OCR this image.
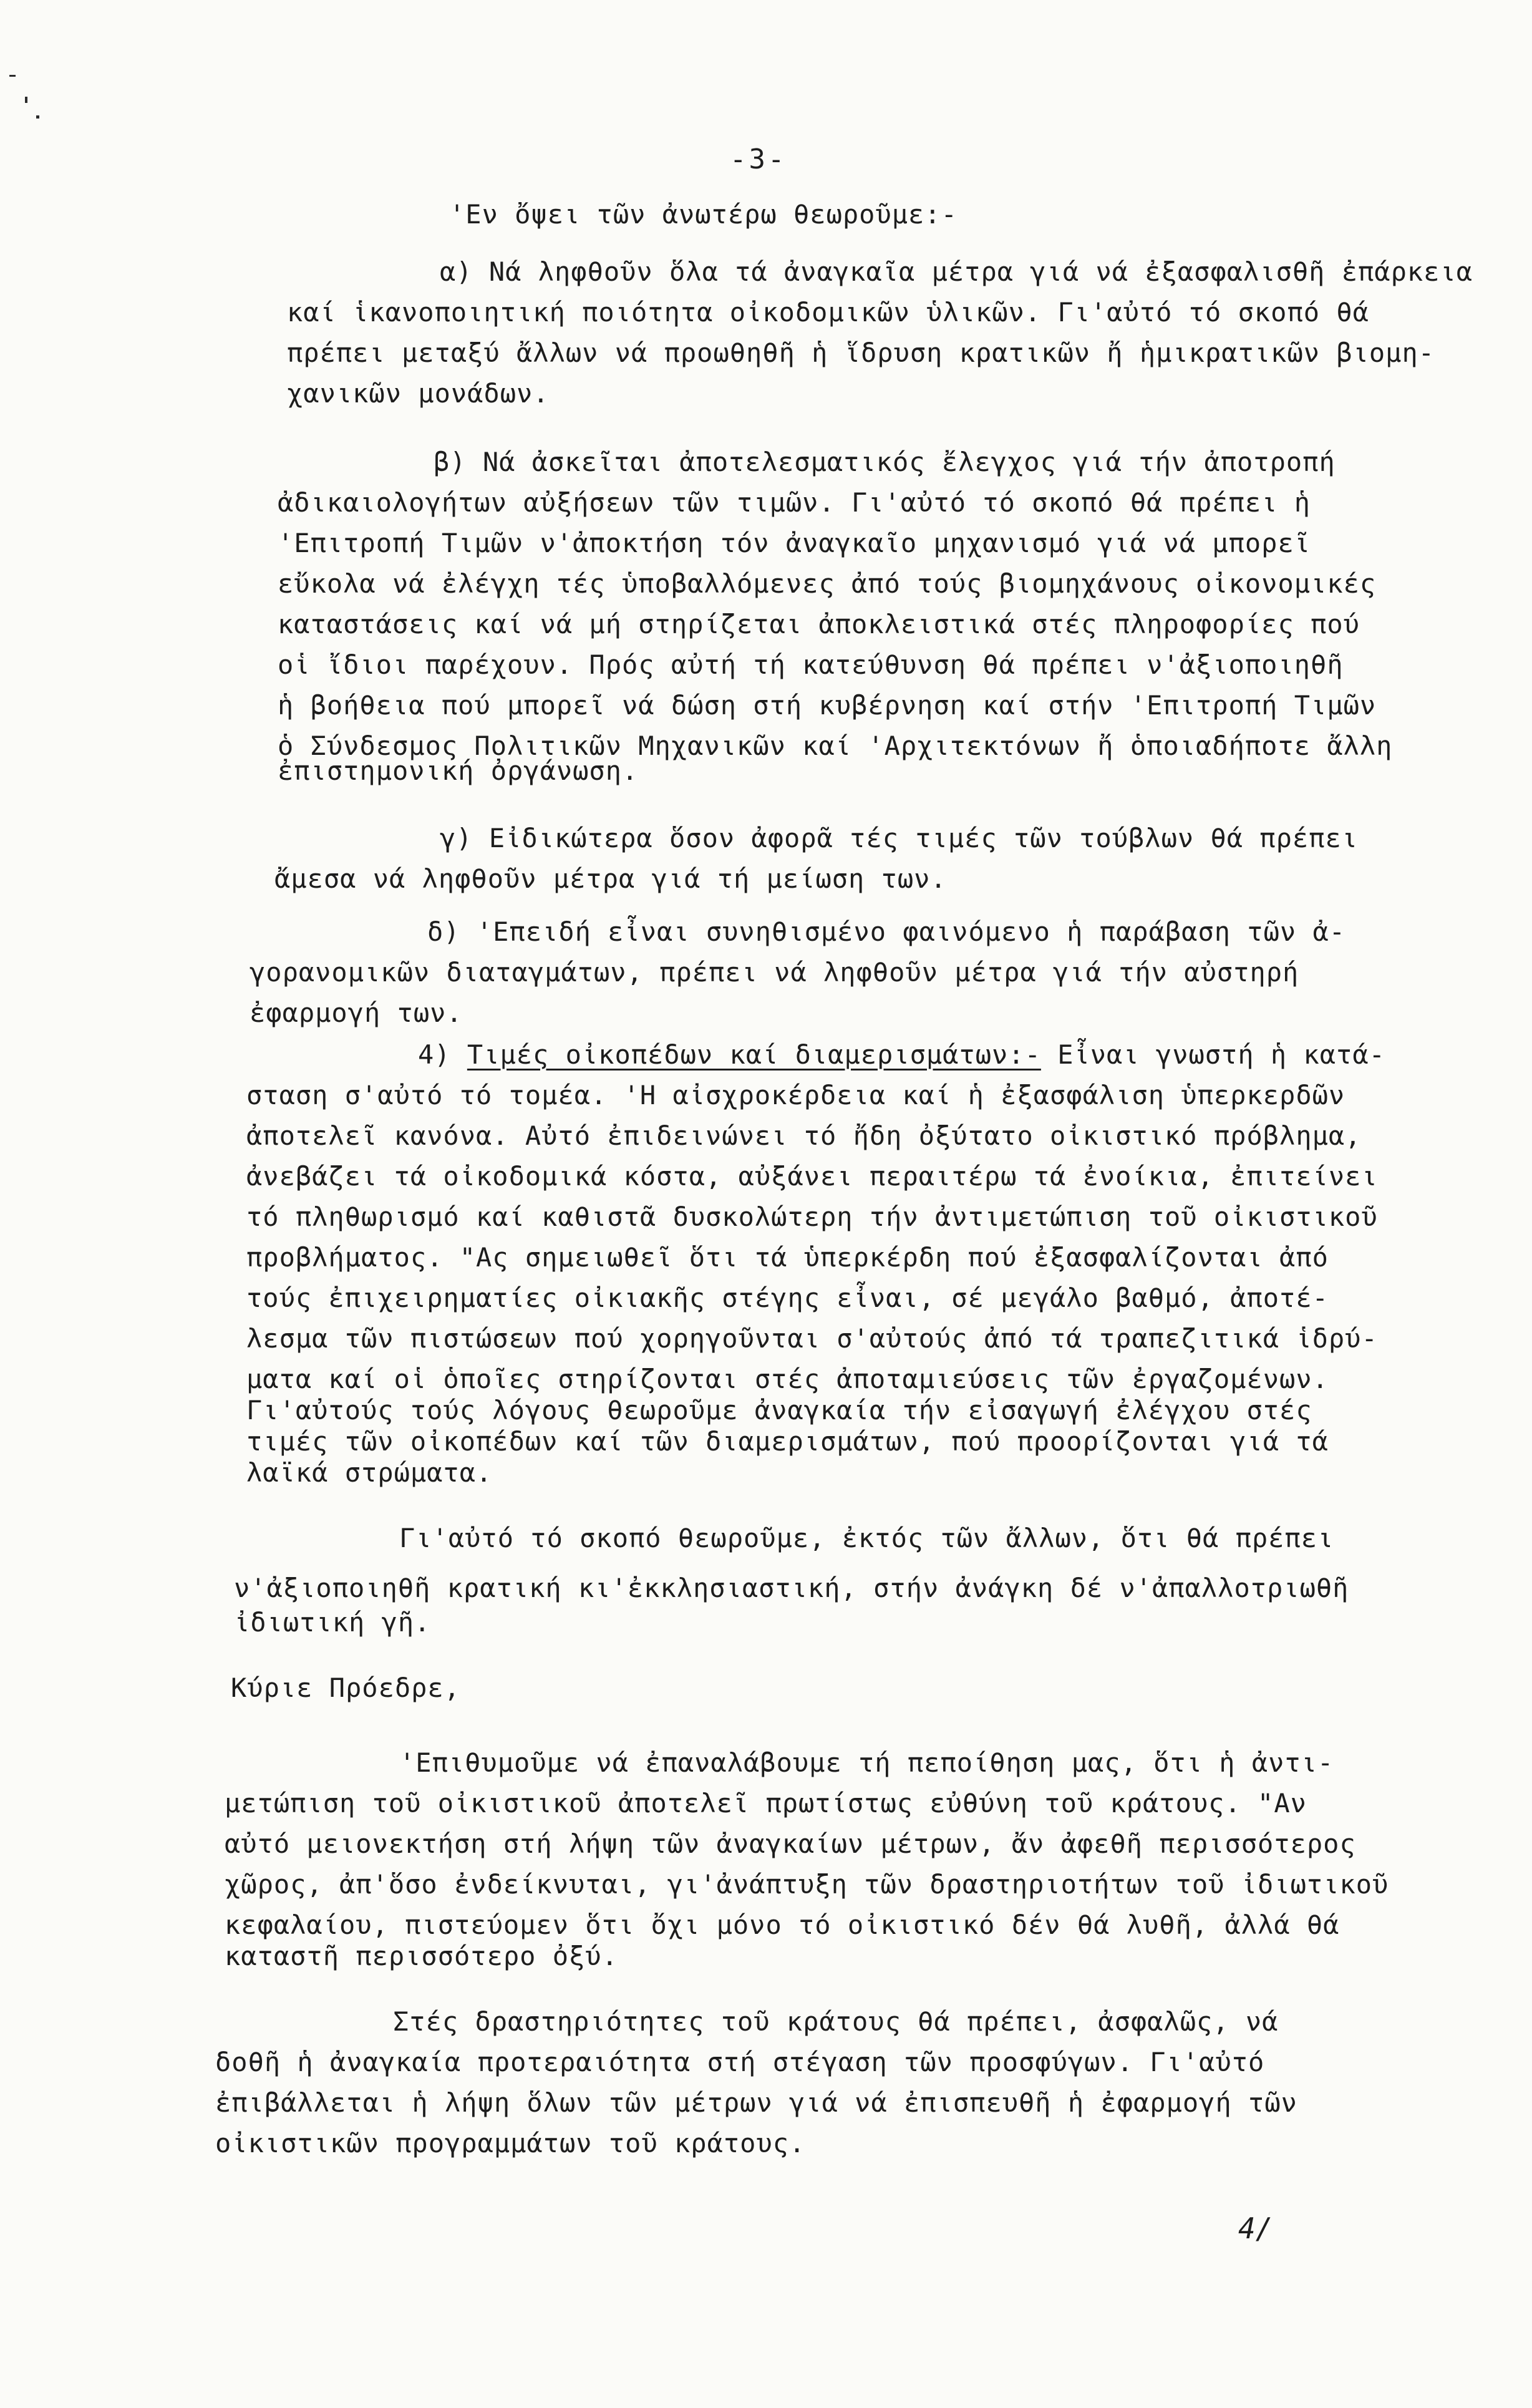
-3-
'Εν ὄψει τῶν ἀνωτέρω θεωροῦμε:-
α) Νά ληφθοῦν ὅλα τά ἀναγκαῖα μέτρα γιά νά ἐξασφαλισθῆ ἐπάρκεια
καί ἱκανοποιητική ποιότητα οἰκοδομικῶν ὑλικῶν. Γι'αὐτό τό σκοπό θά
πρέπει μεταξύ ἄλλων νά προωθηθῆ ἡ ἵδρυση κρατικῶν ἤ ἡμικρατικῶν βιομη-
χανικῶν μονάδων.
β) Νά ἀσκεῖται ἀποτελεσματικός ἔλεγχος γιά τήν ἀποτροπή
ἀδικαιολογήτων αὐξήσεων τῶν τιμῶν. Γι'αὐτό τό σκοπό θά πρέπει ἡ
'Επιτροπή Τιμῶν ν'ἀποκτήση τόν ἀναγκαῖο μηχανισμό γιά νά μπορεῖ
εὔκολα νά ἐλέγχη τές ὑποβαλλόμενες ἀπό τούς βιομηχάνους οἰκονομικές
καταστάσεις καί νά μή στηρίζεται ἀποκλειστικά στές πληροφορίες πού
οἱ ἴδιοι παρέχουν. Πρός αὐτή τή κατεύθυνση θά πρέπει ν'ἀξιοποιηθῆ
ἡ βοήθεια πού μπορεῖ νά δώση στή κυβέρνηση καί στήν 'Επιτροπή Τιμῶν
ὁ Σύνδεσμος Πολιτικῶν Μηχανικῶν καί 'Αρχιτεκτόνων ἤ ὁποιαδήποτε ἄλλη
ἐπιστημονική ὀργάνωση.
γ) Εἰδικώτερα ὅσον ἀφορᾶ τές τιμές τῶν τούβλων θά πρέπει
ἄμεσα νά ληφθοῦν μέτρα γιά τή μείωση των.
δ) 'Επειδή εἶναι συνηθισμένο φαινόμενο ἡ παράβαση τῶν ἀ-
γορανομικῶν διαταγμάτων, πρέπει νά ληφθοῦν μέτρα γιά τήν αὐστηρή
ἐφαρμογή των.
4) Τιμές οἰκοπέδων καί διαμερισμάτων:- Εἶναι γνωστή ἡ κατά-
σταση σ'αὐτό τό τομέα. 'Η αἰσχροκέρδεια καί ἡ ἐξασφάλιση ὑπερκερδῶν
ἀποτελεῖ κανόνα. Αὐτό ἐπιδεινώνει τό ἤδη ὀξύτατο οἰκιστικό πρόβλημα,
ἀνεβάζει τά οἰκοδομικά κόστα, αὐξάνει περαιτέρω τά ἐνοίκια, ἐπιτείνει
τό πληθωρισμό καί καθιστᾶ δυσκολώτερη τήν ἀντιμετώπιση τοῦ οἰκιστικοῦ
προβλήματος. "Ας σημειωθεῖ ὅτι τά ὑπερκέρδη πού ἐξασφαλίζονται ἀπό
τούς ἐπιχειρηματίες οἰκιακῆς στέγης εἶναι, σέ μεγάλο βαθμό, ἀποτέ-
λεσμα τῶν πιστώσεων πού χορηγοῦνται σ'αὐτούς ἀπό τά τραπεζιτικά ἱδρύ-
ματα καί οἱ ὁποῖες στηρίζονται στές ἀποταμιεύσεις τῶν ἐργαζομένων.
Γι'αὐτούς τούς λόγους θεωροῦμε ἀναγκαία τήν εἰσαγωγή ἐλέγχου στές
τιμές τῶν οἰκοπέδων καί τῶν διαμερισμάτων, πού προορίζονται γιά τά
λαϊκά στρώματα.
Γι'αὐτό τό σκοπό θεωροῦμε, ἐκτός τῶν ἄλλων, ὅτι θά πρέπει
ν'ἀξιοποιηθῆ κρατική κι'ἐκκλησιαστική, στήν ἀνάγκη δέ ν'ἀπαλλοτριωθῆ
ἰδιωτική γῆ.
Κύριε Πρόεδρε,
'Επιθυμοῦμε νά ἐπαναλάβουμε τή πεποίθηση μας, ὅτι ἡ ἀντι-
μετώπιση τοῦ οἰκιστικοῦ ἀποτελεῖ πρωτίστως εὐθύνη τοῦ κράτους. "Αν
αὐτό μειονεκτήση στή λήψη τῶν ἀναγκαίων μέτρων, ἄν ἀφεθῆ περισσότερος
χῶρος, ἀπ'ὅσο ἐνδείκνυται, γι'ἀνάπτυξη τῶν δραστηριοτήτων τοῦ ἰδιωτικοῦ
κεφαλαίου, πιστεύομεν ὅτι ὄχι μόνο τό οἰκιστικό δέν θά λυθῆ, ἀλλά θά
καταστῆ περισσότερο ὀξύ.
Στές δραστηριότητες τοῦ κράτους θά πρέπει, ἀσφαλῶς, νά
δοθῆ ἡ ἀναγκαία προτεραιότητα στή στέγαση τῶν προσφύγων. Γι'αὐτό
ἐπιβάλλεται ἡ λήψη ὅλων τῶν μέτρων γιά νά ἐπισπευθῆ ἡ ἐφαρμογή τῶν
οἰκιστικῶν προγραμμάτων τοῦ κράτους.
4/
